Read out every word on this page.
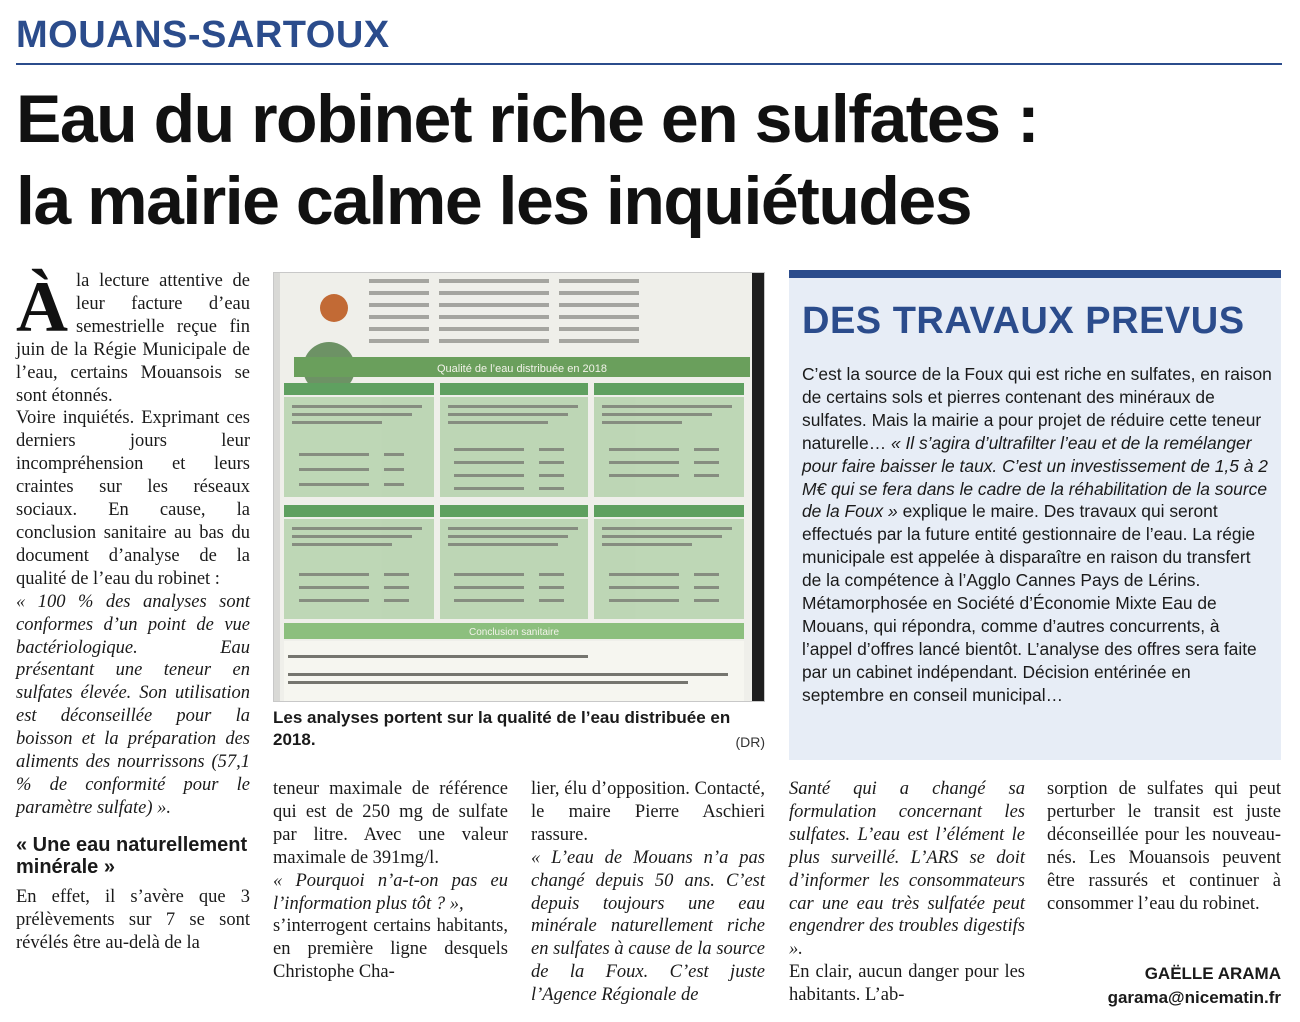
MOUANS-SARTOUX
Eau du robinet riche en sulfates :
la mairie calme les inquiétudes
À la lecture attentive de leur facture d’eau semestrielle reçue fin juin de la Régie Municipale de l’eau, certains Mouansois se sont étonnés.

Voire inquiétés. Exprimant ces derniers jours leur incompréhension et leurs craintes sur les réseaux sociaux. En cause, la conclusion sanitaire au bas du document d’analyse de la qualité de l’eau du robinet :

« 100 % des analyses sont conformes d’un point de vue bactériologique. Eau présentant une teneur en sulfates élevée. Son utilisation est déconseillée pour la boisson et la préparation des aliments des nourrissons (57,1 % de conformité pour le paramètre sulfate) ».

« Une eau naturellement minérale »

En effet, il s’avère que 3 prélèvements sur 7 se sont révélés être au-delà de la

Qualité de l’eau distribuée en 2018
Conclusion sanitaire
Les analyses portent sur la qualité de l’eau distribuée en 2018.	(DR)

teneur maximale de référence qui est de 250 mg de sulfate par litre. Avec une valeur maximale de 391mg/l.

« Pourquoi n’a-t-on pas eu l’information plus tôt ? »,

s’interrogent certains habitants, en première ligne desquels Christophe Cha-

lier, élu d’opposition. Contacté, le maire Pierre Aschieri rassure.

« L’eau de Mouans n’a pas changé depuis 50 ans. C’est depuis toujours une eau minérale naturellement riche en sulfates à cause de la source de la Foux. C’est juste l’Agence Régionale de

DES TRAVAUX PREVUS
C’est la source de la Foux qui est riche en sulfates, en raison de certains sols et pierres contenant des minéraux de sulfates. Mais la mairie a pour projet de réduire cette teneur naturelle… « Il s’agira d’ultrafilter l’eau et de la remélanger pour faire baisser le taux. C’est un investissement de 1,5 à 2 M€ qui se fera dans le cadre de la réhabilitation de la source de la Foux » explique le maire. Des travaux qui seront effectués par la future entité gestionnaire de l’eau. La régie municipale est appelée à disparaître en raison du transfert de la compétence à l’Agglo Cannes Pays de Lérins. Métamorphosée en Société d’Économie Mixte Eau de Mouans, qui répondra, comme d’autres concurrents, à l’appel d’offres lancé bientôt. L’analyse des offres sera faite par un cabinet indépendant. Décision entérinée en septembre en conseil municipal…

Santé qui a changé sa formulation concernant les sulfates. L’eau est l’élément le plus surveillé. L’ARS se doit d’informer les consommateurs car une eau très sulfatée peut engendrer des troubles digestifs ».

En clair, aucun danger pour les habitants. L’ab-

sorption de sulfates qui peut perturber le transit est juste déconseillée pour les nouveau-nés. Les Mouansois peuvent être rassurés et continuer à consommer l’eau du robinet.

GAËLLE ARAMA
garama@nicematin.fr
